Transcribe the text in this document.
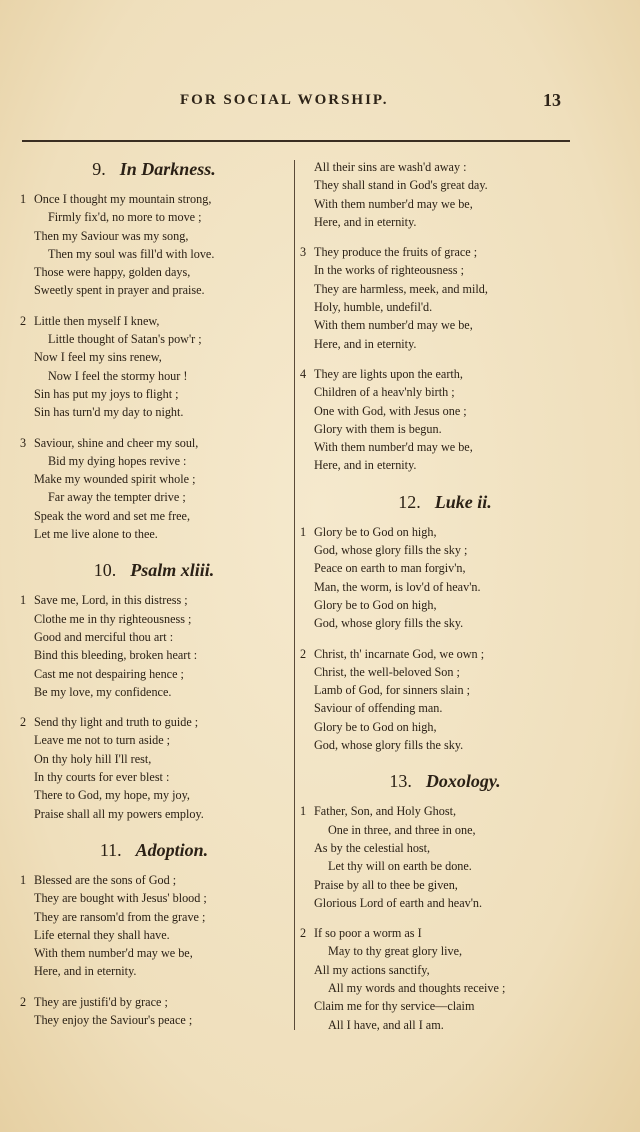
FOR SOCIAL WORSHIP.	13
9. In Darkness.
1 Once I thought my mountain strong,
Firmly fix'd, no more to move ;
Then my Saviour was my song,
Then my soul was fill'd with love.
Those were happy, golden days,
Sweetly spent in prayer and praise.
2 Little then myself I knew,
Little thought of Satan's pow'r ;
Now I feel my sins renew,
Now I feel the stormy hour !
Sin has put my joys to flight ;
Sin has turn'd my day to night.
3 Saviour, shine and cheer my soul,
Bid my dying hopes revive :
Make my wounded spirit whole ;
Far away the tempter drive ;
Speak the word and set me free,
Let me live alone to thee.
10. Psalm xliii.
1 Save me, Lord, in this distress ;
Clothe me in thy righteousness ;
Good and merciful thou art :
Bind this bleeding, broken heart :
Cast me not despairing hence ;
Be my love, my confidence.
2 Send thy light and truth to guide ;
Leave me not to turn aside ;
On thy holy hill I'll rest,
In thy courts for ever blest :
There to God, my hope, my joy,
Praise shall all my powers employ.
11. Adoption.
1 Blessed are the sons of God ;
They are bought with Jesus' blood ;
They are ransom'd from the grave ;
Life eternal they shall have.
With them number'd may we be,
Here, and in eternity.
2 They are justifi'd by grace ;
They enjoy the Saviour's peace ;
All their sins are wash'd away :
They shall stand in God's great day.
With them number'd may we be,
Here, and in eternity.
3 They produce the fruits of grace ;
In the works of righteousness ;
They are harmless, meek, and mild,
Holy, humble, undefil'd.
With them number'd may we be,
Here, and in eternity.
4 They are lights upon the earth,
Children of a heav'nly birth ;
One with God, with Jesus one ;
Glory with them is begun.
With them number'd may we be,
Here, and in eternity.
12. Luke ii.
1 Glory be to God on high,
God, whose glory fills the sky ;
Peace on earth to man forgiv'n,
Man, the worm, is lov'd of heav'n.
Glory be to God on high,
God, whose glory fills the sky.
2 Christ, th' incarnate God, we own ;
Christ, the well-beloved Son ;
Lamb of God, for sinners slain ;
Saviour of offending man.
Glory be to God on high,
God, whose glory fills the sky.
13. Doxology.
1 Father, Son, and Holy Ghost,
One in three, and three in one,
As by the celestial host,
Let thy will on earth be done.
Praise by all to thee be given,
Glorious Lord of earth and heav'n.
2 If so poor a worm as I
May to thy great glory live,
All my actions sanctify,
All my words and thoughts receive ;
Claim me for thy service—claim
All I have, and all I am.
